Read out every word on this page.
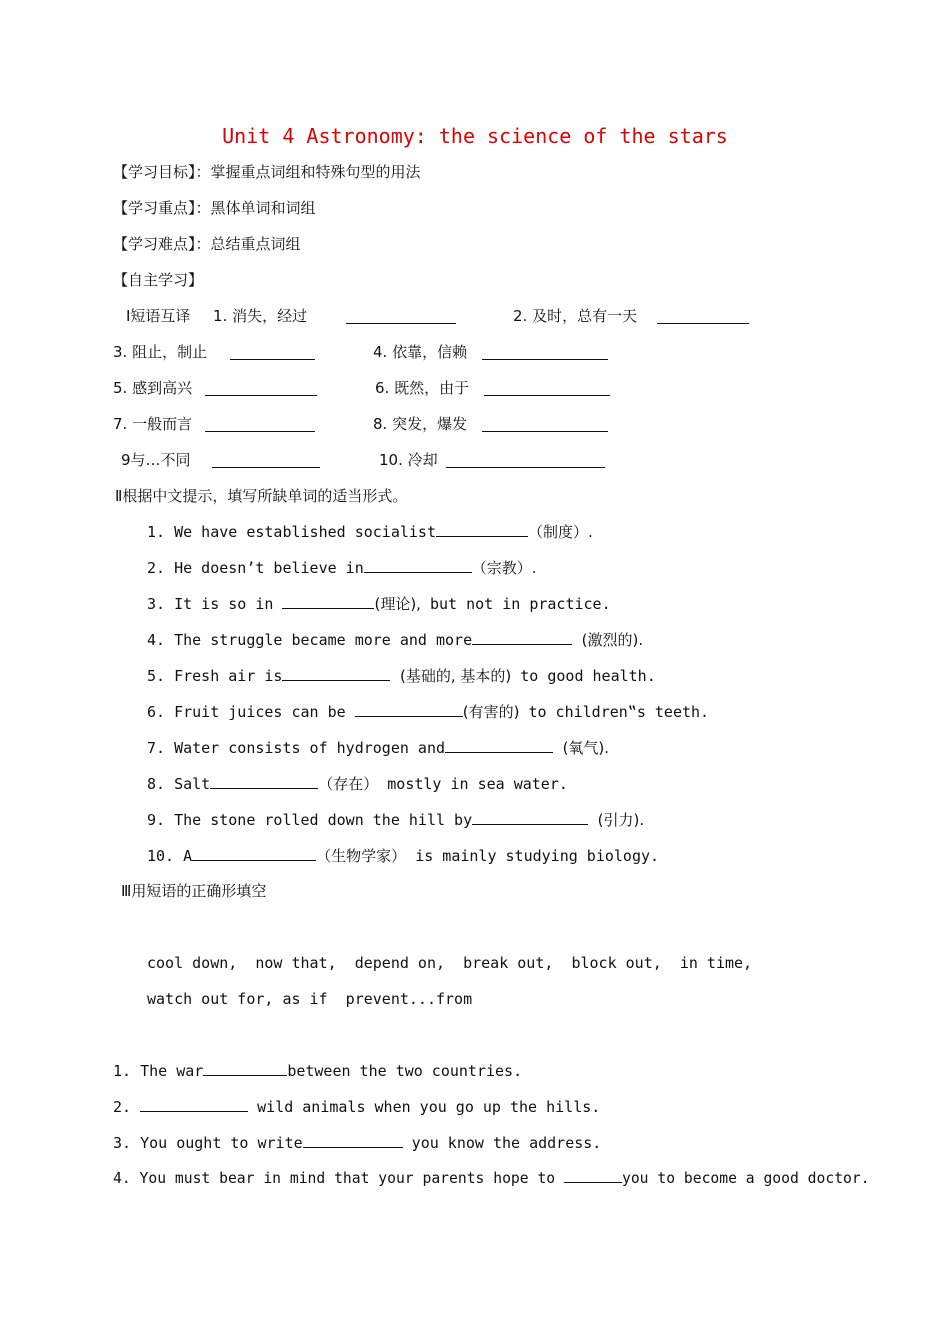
Unit 4 Astronomy: the science of the stars
【学习目标】：掌握重点词组和特殊句型的用法
【学习重点】：黑体单词和词组
【学习难点】：总结重点词组
【自主学习】
Ⅰ短语互译 1. 消失，经过	2. 及时，总有一天
3. 阻止，制止	4. 依靠，信赖
5. 感到高兴	6. 既然，由于
7. 一般而言	8. 突发，爆发
9与…不同	10. 冷却
Ⅱ根据中文提示，填写所缺单词的适当形式。
1. We have established socialist	（制度）.
2. He doesn’t believe in	（宗教）.
3. It is so in	(理论), but not in practice.
4. The struggle became more and more	(激烈的).
5. Fresh air is	(基础的, 基本的) to good health.
6. Fruit juices can be	(有害的) to children‟s teeth.
7. Water consists of hydrogen and	(氧气).
8. Salt	（存在） mostly in sea water.
9. The stone rolled down the hill by	(引力).
10. A	（生物学家） is mainly studying biology.
Ⅲ用短语的正确形填空
cool down,  now that,  depend on,  break out,  block out,  in time,
watch out for, as if  prevent...from
1. The war	between the two countries.
2.	wild animals when you go up the hills.
3. You ought to write	you know the address.
4. You must bear in mind that your parents hope to	you to become a good doctor.
